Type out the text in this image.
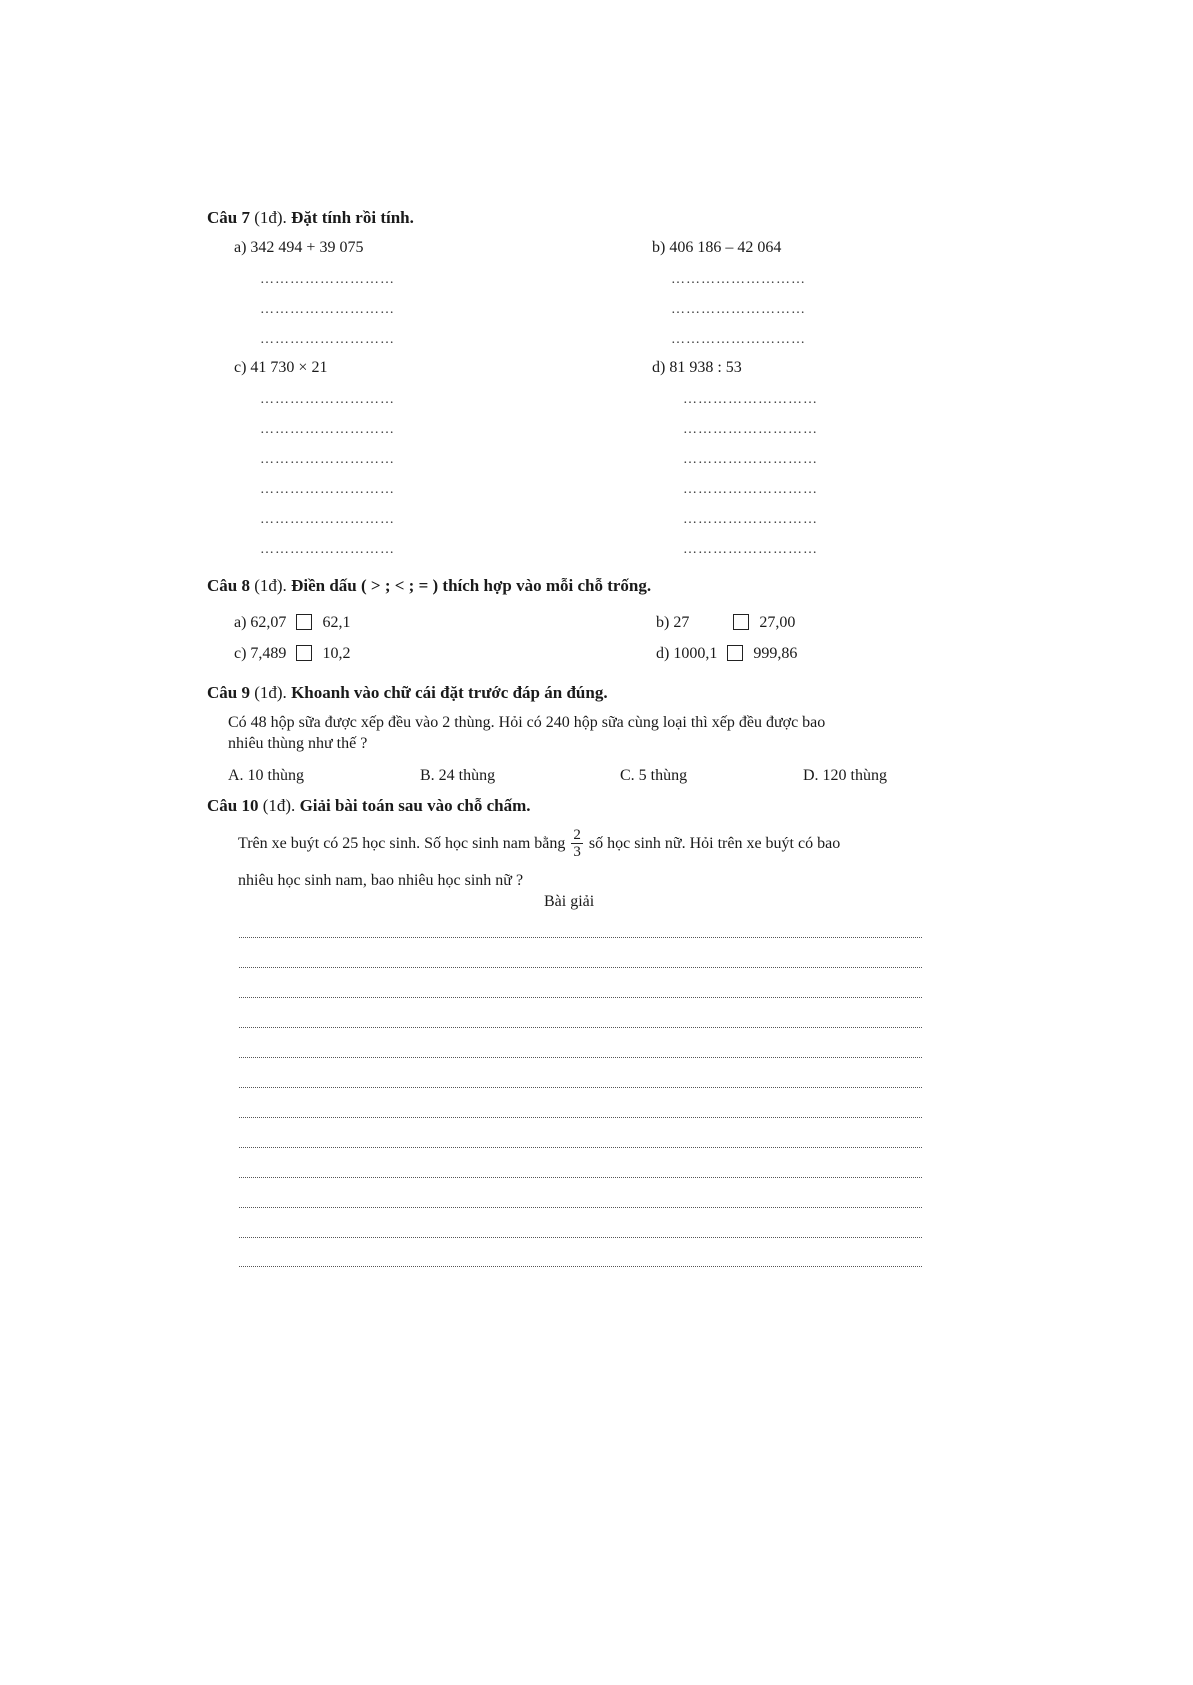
Câu 7 (1đ). Đặt tính rồi tính.
a) 342 494 + 39 075	b) 406 186 – 42 064
………………………
………………………
………………………
………………………
………………………
………………………
c) 41 730 × 21	d) 81 938 : 53
………………………
………………………
………………………
………………………
………………………
………………………
………………………
………………………
………………………
………………………
………………………
………………………
Câu 8 (1đ). Điền dấu ( > ; < ; = ) thích hợp vào mỗi chỗ trống.
a) 62,07 62,1	b) 27	27,00
c) 7,489 10,2	d) 1000,1 999,86
Câu 9 (1đ). Khoanh vào chữ cái đặt trước đáp án đúng.
Có 48 hộp sữa được xếp đều vào 2 thùng. Hỏi có 240 hộp sữa cùng loại thì xếp đều được bao
nhiêu thùng như thế ?
A. 10 thùng	B. 24 thùng	C. 5 thùng	D. 120 thùng
Câu 10 (1đ). Giải bài toán sau vào chỗ chấm.
Trên xe buýt có 25 học sinh. Số học sinh nam bằng $\frac{2}{3}$ số học sinh nữ. Hỏi trên xe buýt có bao
nhiêu học sinh nam, bao nhiêu học sinh nữ ?
Bài giải
